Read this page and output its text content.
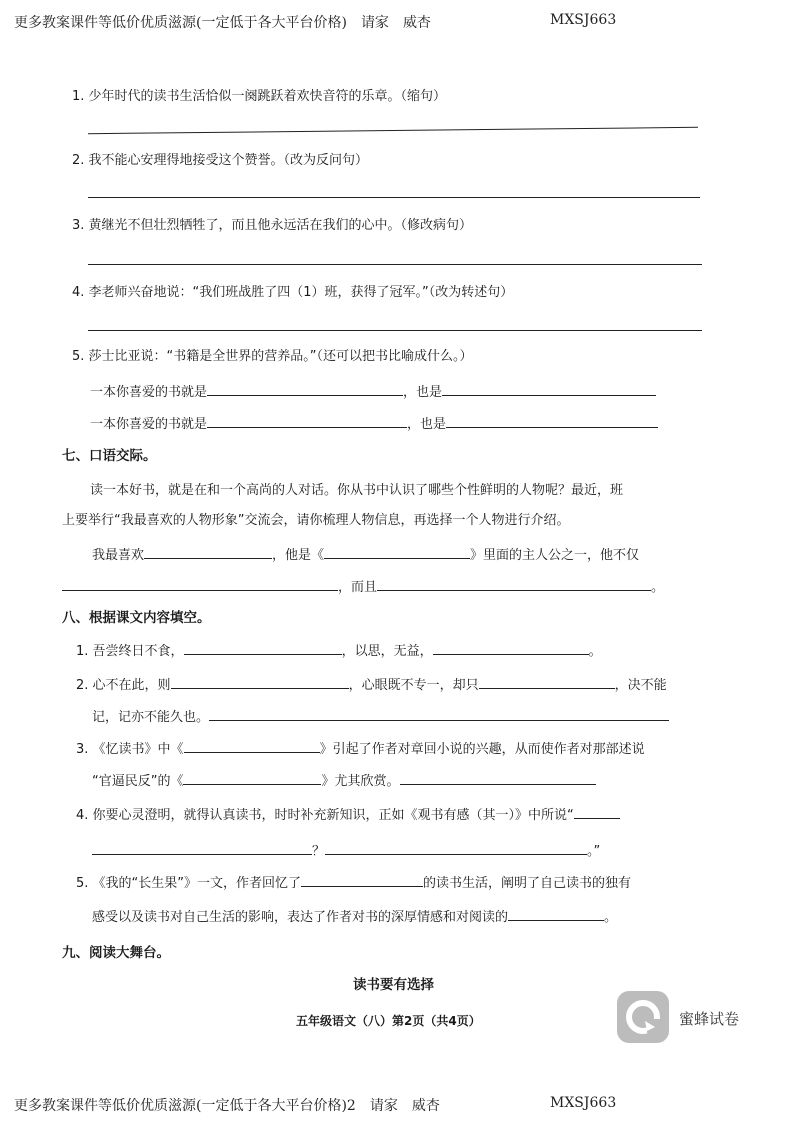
更多教案课件等低价优质滋源(一定低于各大平台价格) 请家 威杏	MXSJ663
1. 少年时代的读书生活恰似一阕跳跃着欢快音符的乐章。（缩句）
2. 我不能心安理得地接受这个赞誉。（改为反问句）
3. 黄继光不但壮烈牺牲了，而且他永远活在我们的心中。（修改病句）
4. 李老师兴奋地说：“我们班战胜了四（1）班，获得了冠军。”（改为转述句）
5. 莎士比亚说：“书籍是全世界的营养品。”（还可以把书比喻成什么。）
一本你喜爱的书就是	，也是
一本你喜爱的书就是	，也是
七、口语交际。
读一本好书，就是在和一个高尚的人对话。你从书中认识了哪些个性鲜明的人物呢？最近，班
上要举行“我最喜欢的人物形象”交流会，请你梳理人物信息，再选择一个人物进行介绍。
我最喜欢	，他是《	》里面的主人公之一，他不仅
，而且	。
八、根据课文内容填空。
1. 吾尝终日不食，	，以思，无益，	。
2. 心不在此，则	，心眼既不专一，却只	，决不能
记，记亦不能久也。
3. 《忆读书》中《	》引起了作者对章回小说的兴趣，从而使作者对那部述说
“官逼民反”的《	》尤其欣赏。
4. 你要心灵澄明，就得认真读书，时时补充新知识，正如《观书有感（其一）》中所说“
？	。”
5. 《我的“长生果”》一文，作者回忆了	的读书生活，阐明了自己读书的独有
感受以及读书对自己生活的影响，表达了作者对书的深厚情感和对阅读的	。
九、阅读大舞台。
读书要有选择
五年级语文（八）第2页（共4页）	蜜蜂试卷
更多教案课件等低价优质滋源(一定低于各大平台价格)2 请家 威杏	MXSJ663
